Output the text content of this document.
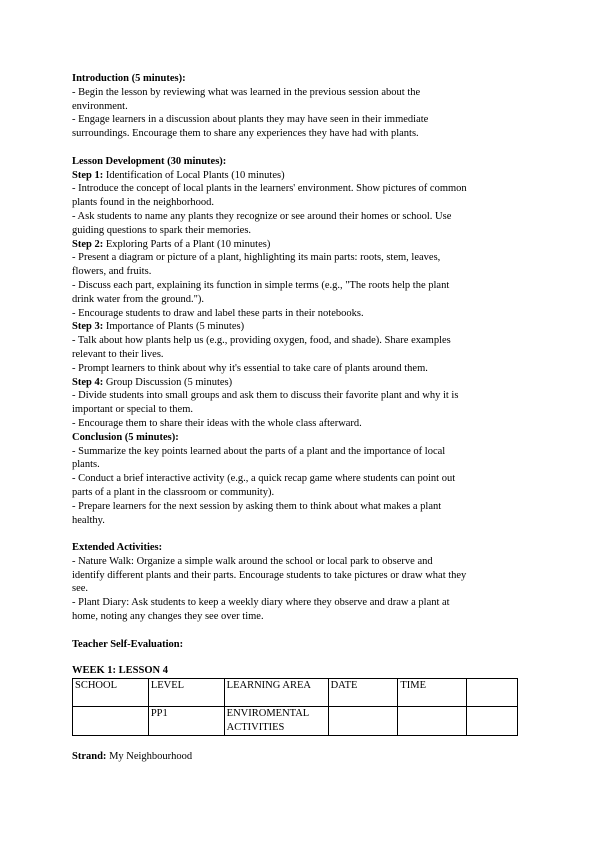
Introduction (5 minutes):

- Begin the lesson by reviewing what was learned in the previous session about the

environment.

- Engage learners in a discussion about plants they may have seen in their immediate

surroundings. Encourage them to share any experiences they have had with plants.

Lesson Development (30 minutes):

Step 1: Identification of Local Plants (10 minutes)

- Introduce the concept of local plants in the learners' environment. Show pictures of common

plants found in the neighborhood.

- Ask students to name any plants they recognize or see around their homes or school. Use

guiding questions to spark their memories.

Step 2: Exploring Parts of a Plant (10 minutes)

- Present a diagram or picture of a plant, highlighting its main parts: roots, stem, leaves,

flowers, and fruits.

- Discuss each part, explaining its function in simple terms (e.g., "The roots help the plant

drink water from the ground.").

- Encourage students to draw and label these parts in their notebooks.

Step 3: Importance of Plants (5 minutes)

- Talk about how plants help us (e.g., providing oxygen, food, and shade). Share examples

relevant to their lives.

- Prompt learners to think about why it's essential to take care of plants around them.

Step 4: Group Discussion (5 minutes)

- Divide students into small groups and ask them to discuss their favorite plant and why it is

important or special to them.

- Encourage them to share their ideas with the whole class afterward.

Conclusion (5 minutes):

- Summarize the key points learned about the parts of a plant and the importance of local

plants.

- Conduct a brief interactive activity (e.g., a quick recap game where students can point out

parts of a plant in the classroom or community).

- Prepare learners for the next session by asking them to think about what makes a plant

healthy.

Extended Activities:

- Nature Walk: Organize a simple walk around the school or local park to observe and

identify different plants and their parts. Encourage students to take pictures or draw what they

see.

- Plant Diary: Ask students to keep a weekly diary where they observe and draw a plant at

home, noting any changes they see over time.

Teacher Self-Evaluation:

WEEK 1: LESSON 4

SCHOOL	LEVEL	LEARNING AREA	DATE	TIME	
	PP1	ENVIROMENTAL ACTIVITIES			

Strand: My Neighbourhood
